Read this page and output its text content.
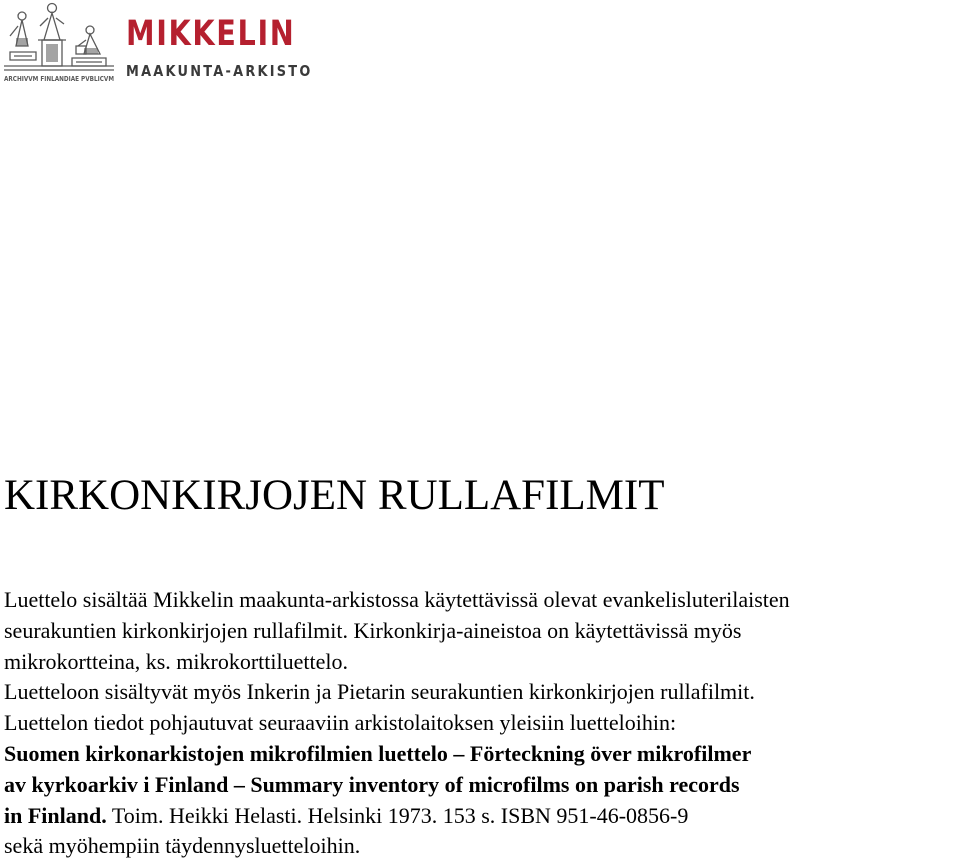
ARCHIVVM FINLANDIAE PVBLICVM
MIKKELIN
MAAKUNTA-ARKISTO
KIRKONKIRJOJEN RULLAFILMIT
Luettelo sisältää Mikkelin maakunta-arkistossa käytettävissä olevat evankelisluterilaisten
seurakuntien kirkonkirjojen rullafilmit. Kirkonkirja-aineistoa on käytettävissä myös
mikrokortteina, ks. mikrokorttiluettelo.
Luetteloon sisältyvät myös Inkerin ja Pietarin seurakuntien kirkonkirjojen rullafilmit.
Luettelon tiedot pohjautuvat seuraaviin arkistolaitoksen yleisiin luetteloihin:
Suomen kirkonarkistojen mikrofilmien luettelo – Förteckning över mikrofilmer
av kyrkoarkiv i Finland – Summary inventory of microfilms on parish records
in Finland. Toim. Heikki Helasti. Helsinki 1973. 153 s. ISBN 951-46-0856-9
sekä myöhempiin täydennysluetteloihin.
